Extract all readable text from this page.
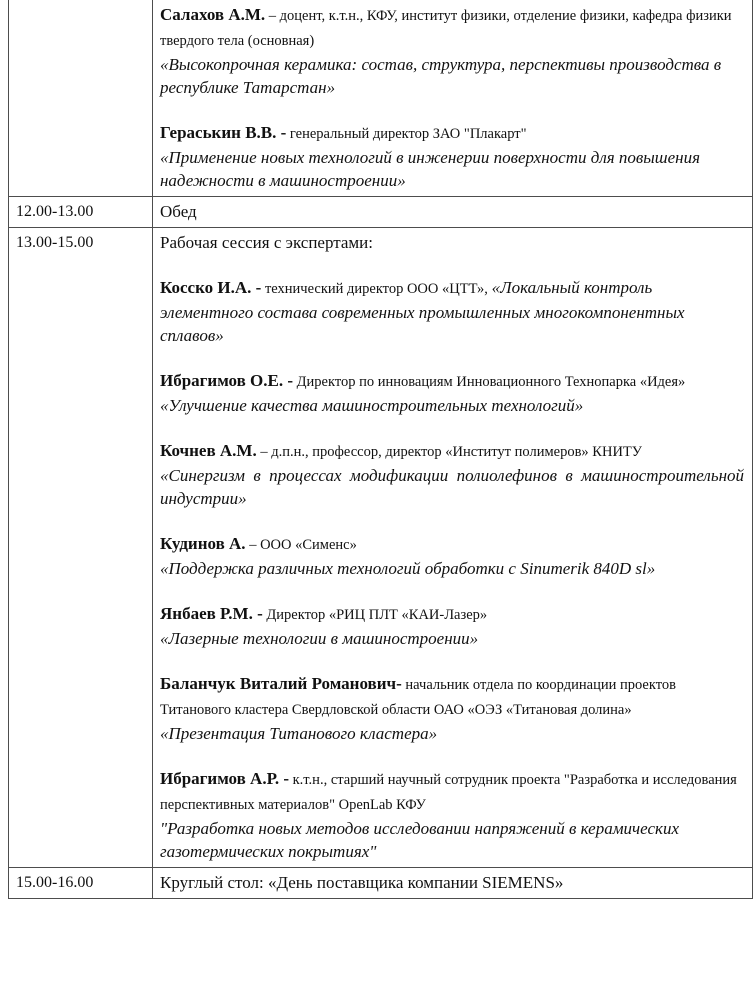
	Салахов А.М. – доцент, к.т.н., КФУ, институт физики, отделение физики, кафедра физики твердого тела (основная)

«Высокопрочная керамика: состав, структура, перспективы производства в республике Татарстан»

Гераськин В.В. - генеральный директор ЗАО "Плакарт"

«Применение новых технологий в инженерии поверхности для повышения надежности в машиностроении»

12.00-13.00	Обед

13.00-15.00	Рабочая сессия с экспертами:

Косско И.А. - технический директор ООО «ЦТТ», «Локальный контроль элементного состава современных промышленных многокомпонентных сплавов»

Ибрагимов О.Е. - Директор по инновациям Инновационного Технопарка «Идея»

«Улучшение качества машиностроительных технологий»

Кочнев А.М. – д.п.н., профессор, директор «Институт полимеров» КНИТУ

«Синергизм в процессах модификации полиолефинов в машиностроительной индустрии»

Кудинов А. – ООО «Сименс»

«Поддержка различных технологий обработки с Sinumerik 840D sl»

Янбаев Р.М. - Директор «РИЦ ПЛТ «КАИ-Лазер»

«Лазерные технологии в машиностроении»

Баланчук Виталий Романович- начальник отдела по координации проектов Титанового кластера Свердловской области ОАО «ОЭЗ «Титановая долина»

«Презентация Титанового кластера»

Ибрагимов А.Р. - к.т.н., старший научный сотрудник проекта "Разработка и исследования перспективных материалов" OpenLab КФУ

"Разработка новых методов исследовании напряжений в керамических газотермических покрытиях"

15.00-16.00	Круглый стол: «День поставщика компании SIEMENS»
